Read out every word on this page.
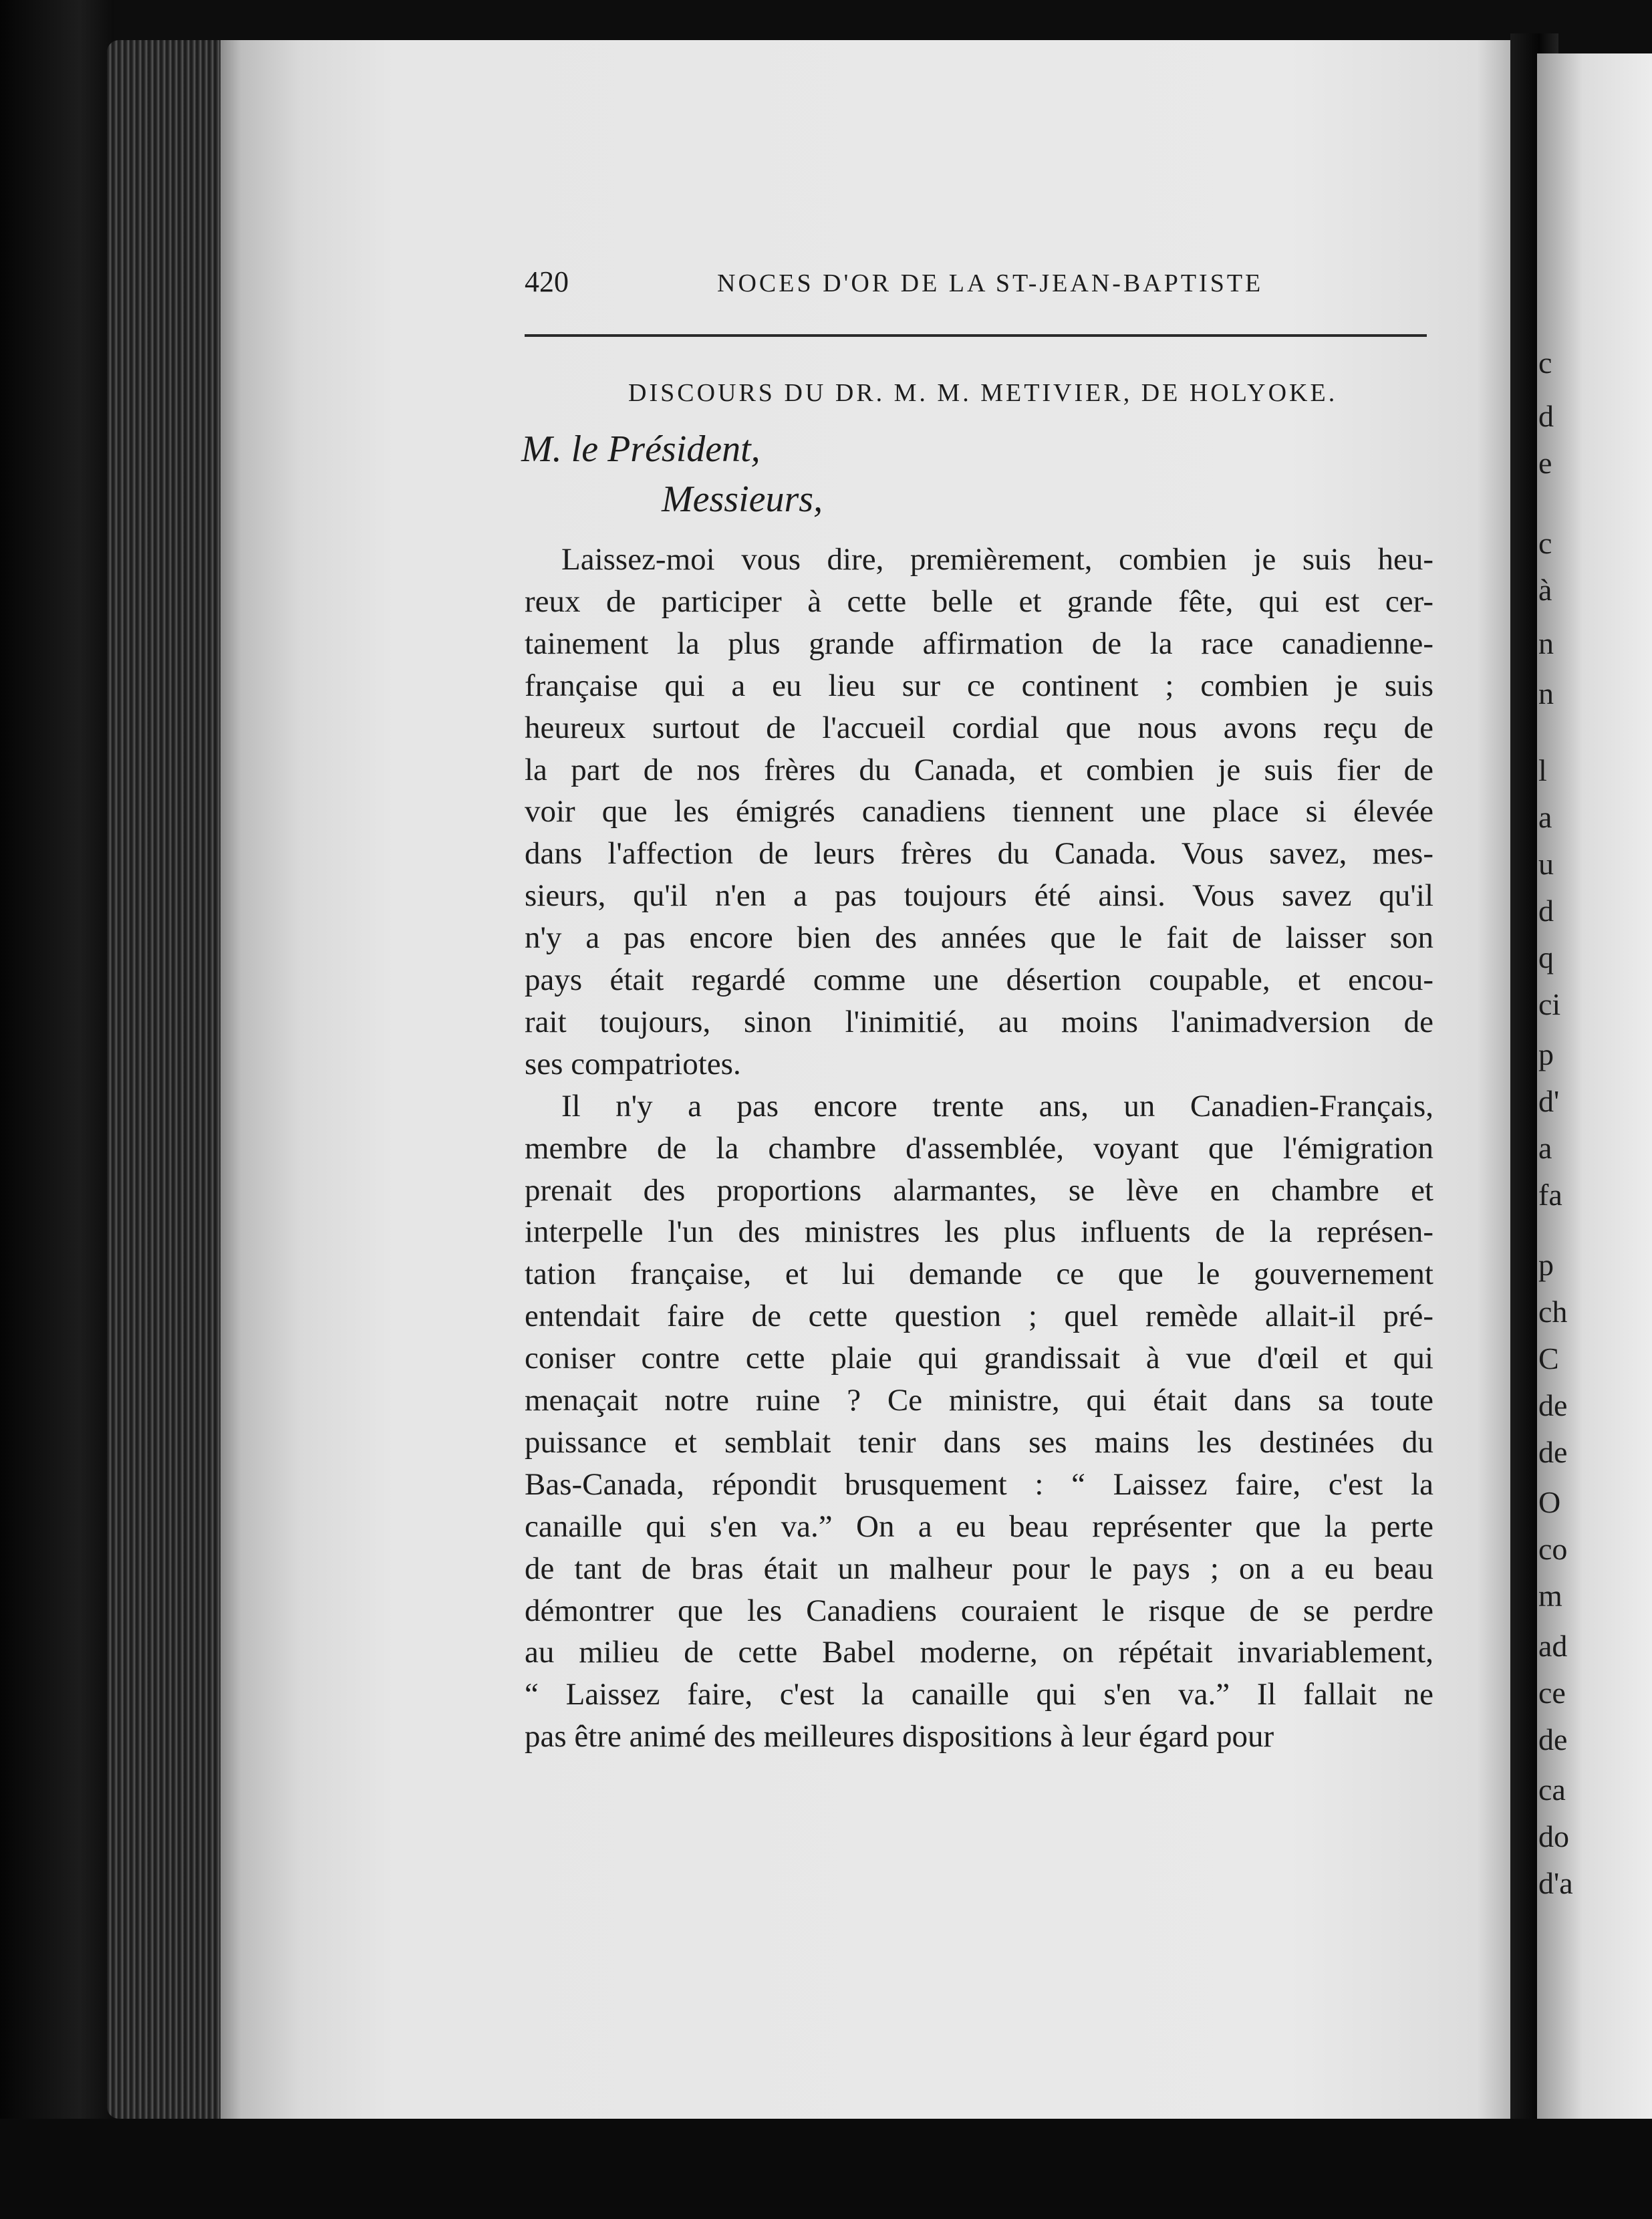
420	NOCES D'OR DE LA ST-JEAN-BAPTISTE
DISCOURS DU DR. M. M. METIVIER, DE HOLYOKE.
M. le Président,
Messieurs,
Laissez-moi vous dire, premièrement, combien je suis heu-
reux de participer à cette belle et grande fête, qui est cer-
tainement la plus grande affirmation de la race canadienne-
française qui a eu lieu sur ce continent ; combien je suis
heureux surtout de l'accueil cordial que nous avons reçu de
la part de nos frères du Canada, et combien je suis fier de
voir que les émigrés canadiens tiennent une place si élevée
dans l'affection de leurs frères du Canada. Vous savez, mes-
sieurs, qu'il n'en a pas toujours été ainsi. Vous savez qu'il
n'y a pas encore bien des années que le fait de laisser son
pays était regardé comme une désertion coupable, et encou-
rait toujours, sinon l'inimitié, au moins l'animadversion de
ses compatriotes.
Il n'y a pas encore trente ans, un Canadien-Français,
membre de la chambre d'assemblée, voyant que l'émigration
prenait des proportions alarmantes, se lève en chambre et
interpelle l'un des ministres les plus influents de la représen-
tation française, et lui demande ce que le gouvernement
entendait faire de cette question ; quel remède allait-il pré-
coniser contre cette plaie qui grandissait à vue d'œil et qui
menaçait notre ruine ? Ce ministre, qui était dans sa toute
puissance et semblait tenir dans ses mains les destinées du
Bas-Canada, répondit brusquement : “ Laissez faire, c'est la
canaille qui s'en va.” On a eu beau représenter que la perte
de tant de bras était un malheur pour le pays ; on a eu beau
démontrer que les Canadiens couraient le risque de se perdre
au milieu de cette Babel moderne, on répétait invariablement,
“ Laissez faire, c'est la canaille qui s'en va.” Il fallait ne
pas être animé des meilleures dispositions à leur égard pour
c
d
e
c
à
n
n
l
a
u
d
q
ci
p
d'
a
fa
p
ch
C
de
de
O
co
m
ad
ce
de
ca
do
d'a
